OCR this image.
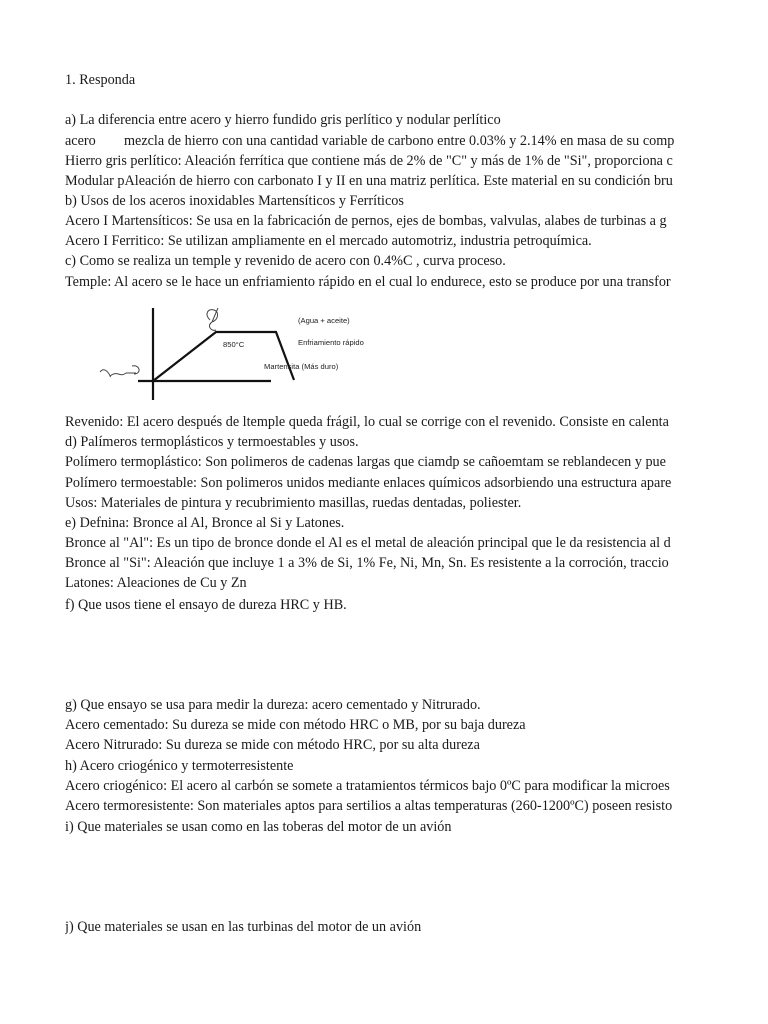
1. Responda
a) La diferencia entre acero y hierro fundido gris perlítico y nodular perlítico
acero mezcla de hierro con una cantidad variable de carbono entre 0.03% y 2.14% en masa de su comp
Hierro gris perlítico: Aleación ferrítica que contiene más de 2% de "C" y más de 1% de "Si", proporciona c
Modular pAleación de hierro con carbonato I y II en una matriz perlítica. Este material en su condición bru
b) Usos de los aceros inoxidables Martensíticos y Ferríticos
Acero I Martensíticos: Se usa en la fabricación de pernos, ejes de bombas, valvulas, alabes de turbinas a g
Acero I Ferritico: Se utilizan ampliamente en el mercado automotriz, industria petroquímica.
c) Como se realiza un temple y revenido de acero con 0.4%C , curva proceso.
Temple: Al acero se le hace un enfriamiento rápido en el cual lo endurece, esto se produce por una transfor
850°C
(Agua + aceite)
Enfriamiento rápido
Martensita (Más duro)
Revenido: El acero después de ltemple queda frágil, lo cual se corrige con el revenido. Consiste en calenta
d) Palímeros termoplásticos y termoestables y usos.
Polímero termoplástico: Son polimeros de cadenas largas que ciamdp se cañoemtam se reblandecen y pue
Polímero termoestable: Son polimeros unidos mediante enlaces químicos adsorbiendo una estructura apare
Usos: Materiales de pintura y recubrimiento masillas, ruedas dentadas, poliester.
e) Defnina: Bronce al Al, Bronce al Si y Latones.
Bronce al "Al": Es un tipo de bronce donde el Al es el metal de aleación principal que le da resistencia al d
Bronce al "Si": Aleación que incluye 1 a 3% de Si, 1% Fe, Ni, Mn, Sn. Es resistente a la corroción, traccio
Latones: Aleaciones de Cu y Zn
f) Que usos tiene el ensayo de dureza HRC y HB.
g) Que ensayo se usa para medir la dureza: acero cementado y Nitrurado.
Acero cementado: Su dureza se mide con método HRC o MB, por su baja dureza
Acero Nitrurado: Su dureza se mide con método HRC, por su alta dureza
h) Acero criogénico y termoterresistente
Acero criogénico: El acero al carbón se somete a tratamientos térmicos bajo 0ºC para modificar la microes
Acero termoresistente: Son materiales aptos para sertilios a altas temperaturas (260-1200ºC) poseen resisto
i) Que materiales se usan como en las toberas del motor de un avión
j) Que materiales se usan en las turbinas del motor de un avión
